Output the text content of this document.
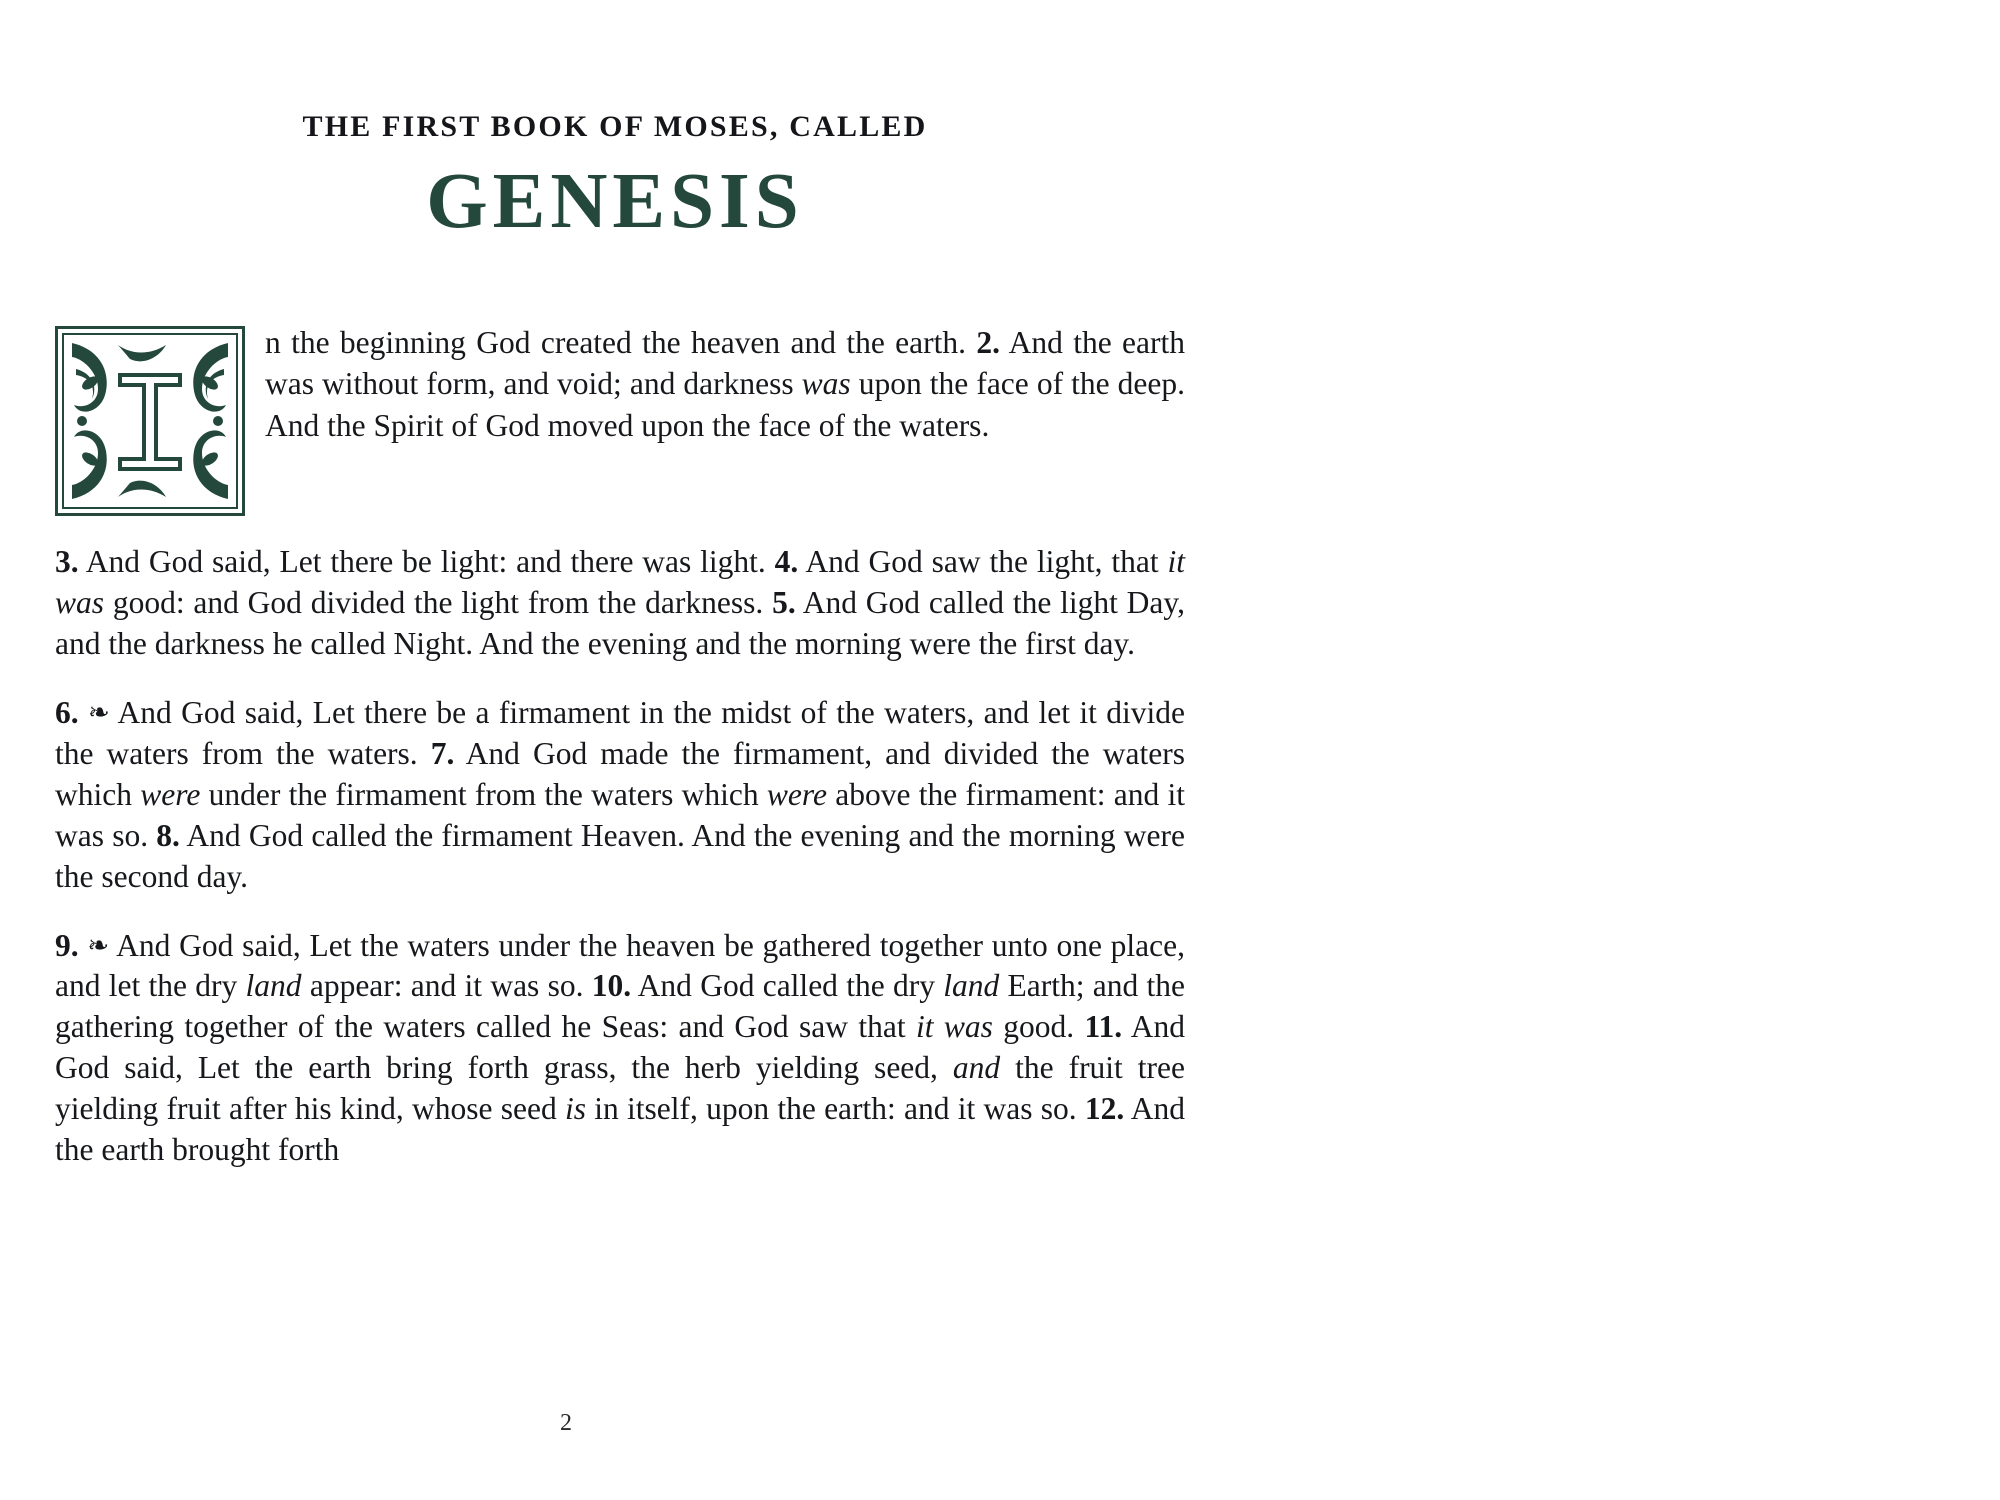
THE FIRST BOOK OF MOSES, CALLED
GENESIS
n the beginning God created the heaven and the earth. 2. And the earth was without form, and void; and darkness was upon the face of the deep. And the Spirit of God moved upon the face of the waters.

3. And God said, Let there be light: and there was light. 4. And God saw the light, that it was good: and God divided the light from the darkness. 5. And God called the light Day, and the darkness he called Night. And the evening and the morning were the first day.

6. ❧ And God said, Let there be a firmament in the midst of the waters, and let it divide the waters from the waters. 7. And God made the firmament, and divided the waters which were under the firmament from the waters which were above the firmament: and it was so. 8. And God called the firmament Heaven. And the evening and the morning were the second day.

9. ❧ And God said, Let the waters under the heaven be gathered together unto one place, and let the dry land appear: and it was so. 10. And God called the dry land Earth; and the gathering together of the waters called he Seas: and God saw that it was good. 11. And God said, Let the earth bring forth grass, the herb yielding seed, and the fruit tree yielding fruit after his kind, whose seed is in itself, upon the earth: and it was so. 12. And the earth brought forth

2
